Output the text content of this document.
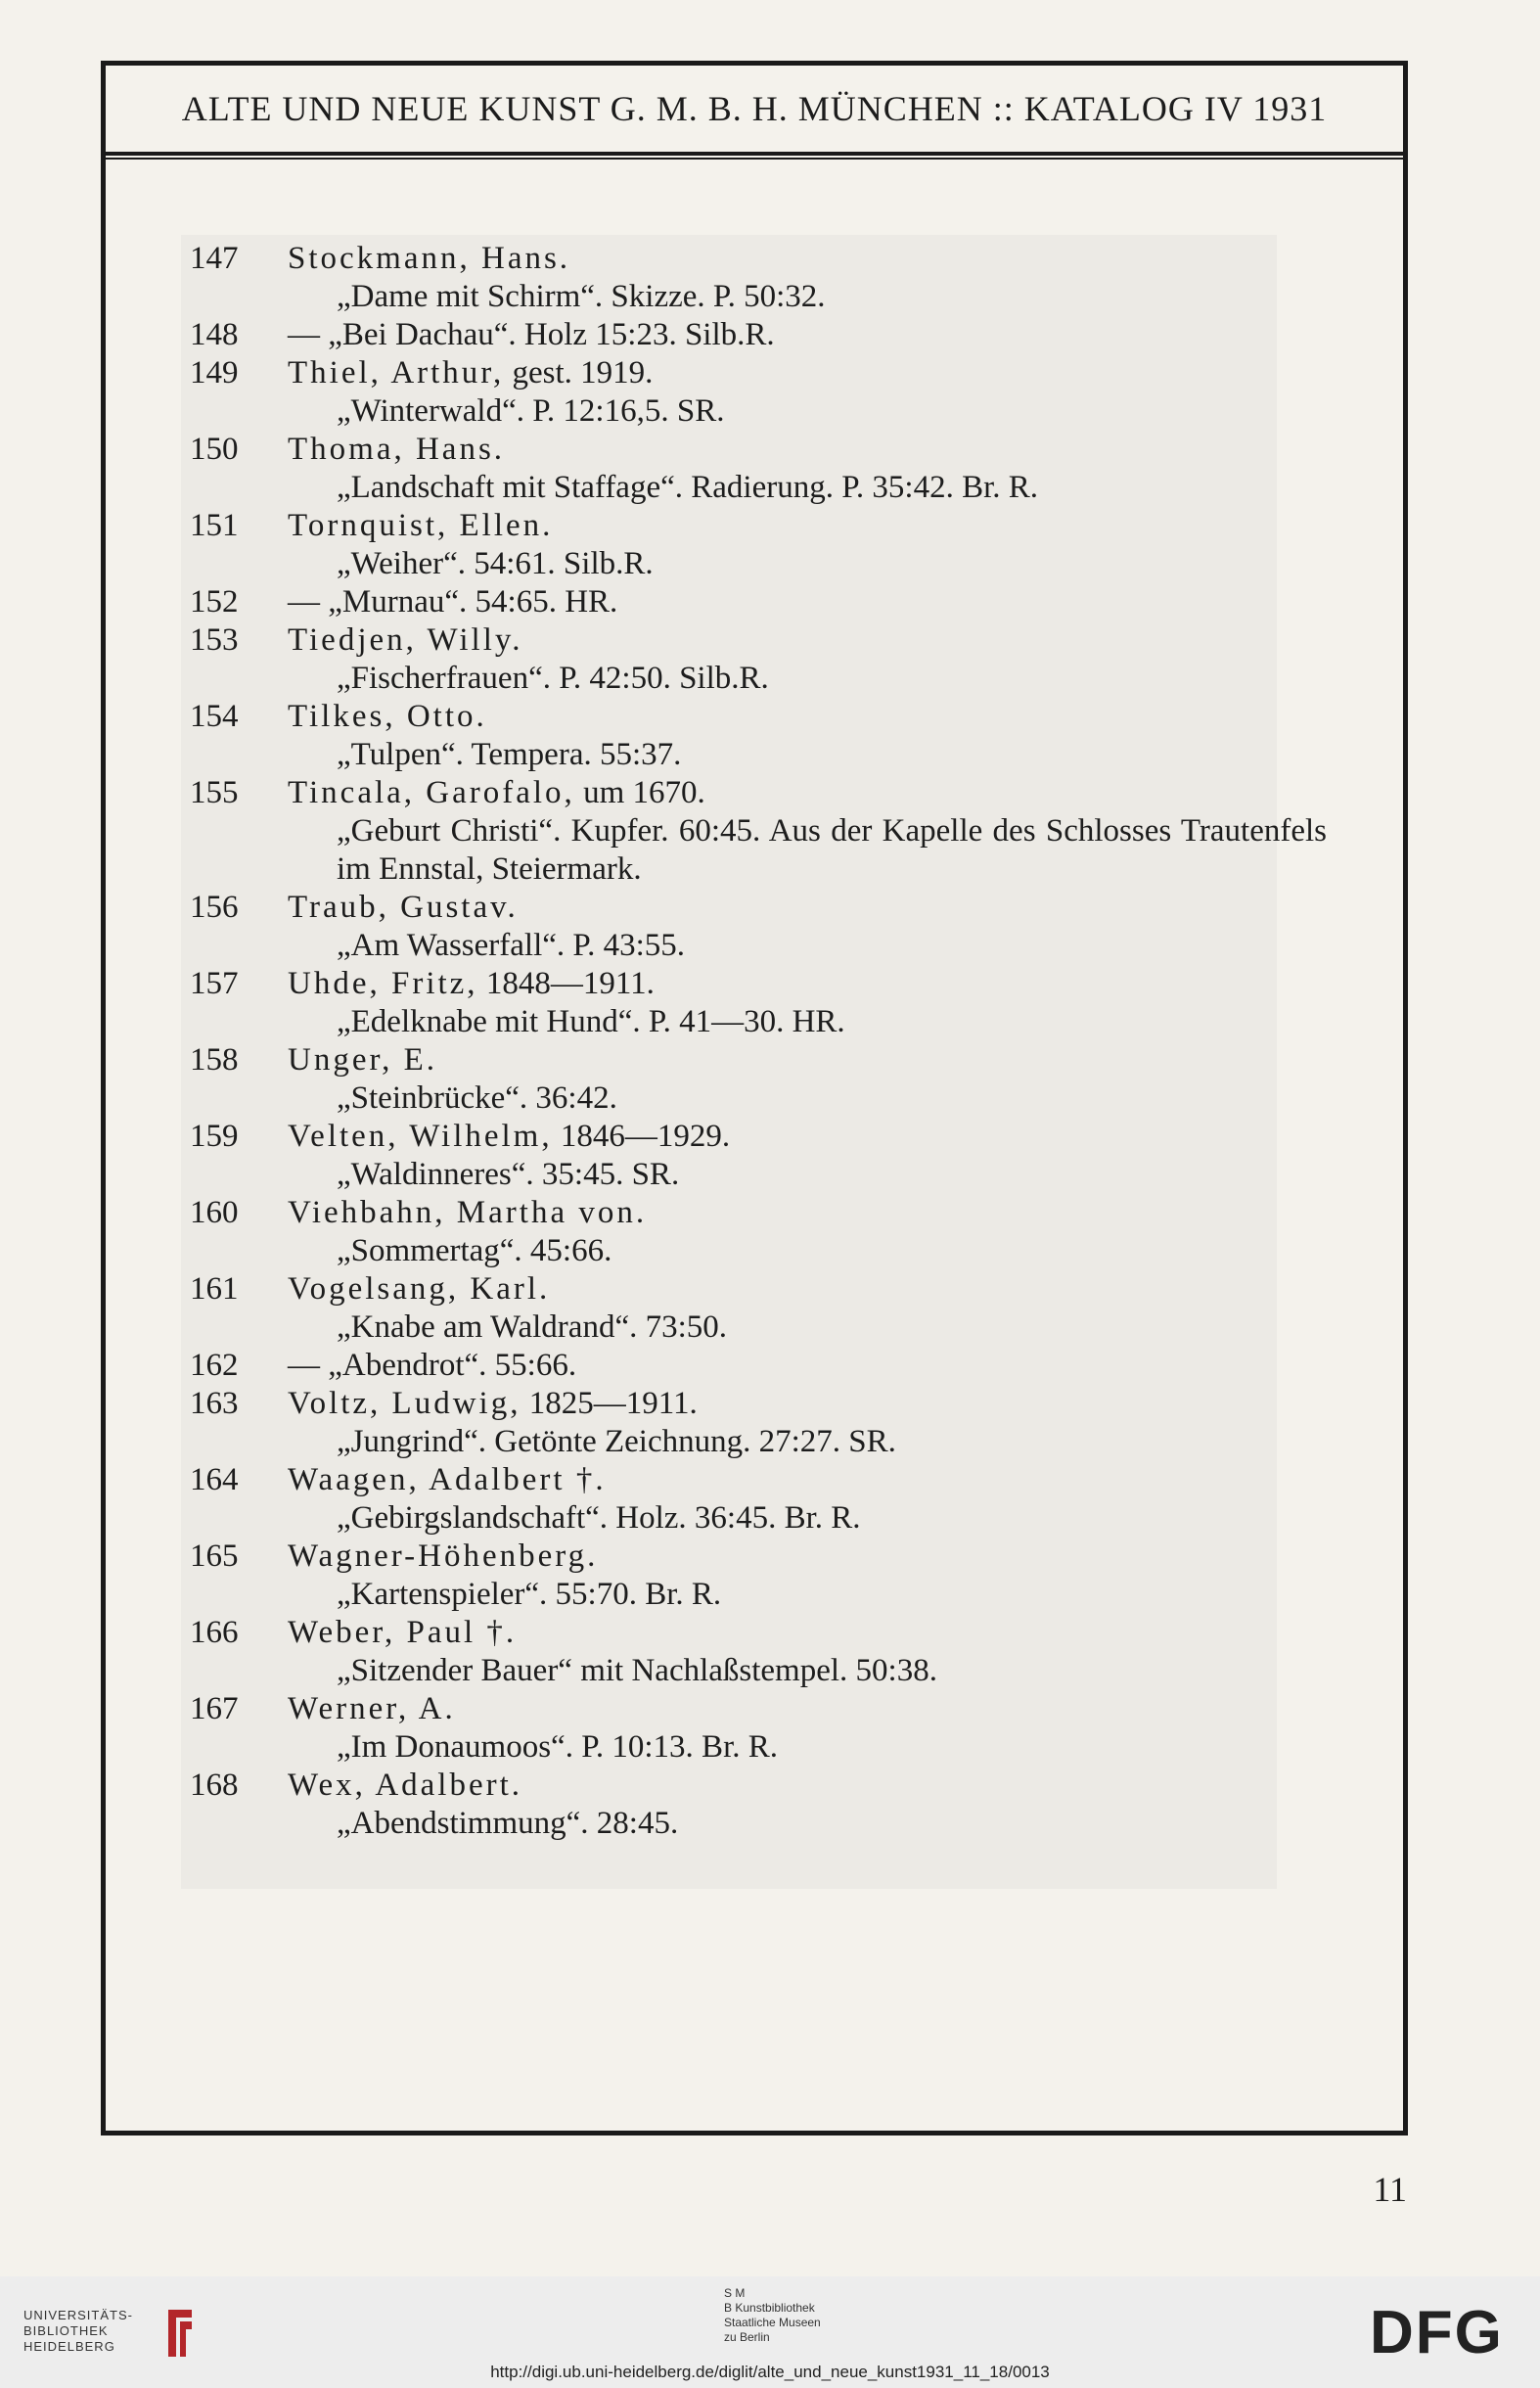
ALTE UND NEUE KUNST G. M. B. H. MÜNCHEN :: KATALOG IV 1931
147	Stockmann, Hans.
„Dame mit Schirm“. Skizze. P. 50:32.
148	— „Bei Dachau“. Holz 15:23. Silb.R.
149	Thiel, Arthur, gest. 1919.
„Winterwald“. P. 12:16,5. SR.
150	Thoma, Hans.
„Landschaft mit Staffage“. Radierung. P. 35:42. Br. R.
151	Tornquist, Ellen.
„Weiher“. 54:61. Silb.R.
152	— „Murnau“. 54:65. HR.
153	Tiedjen, Willy.
„Fischerfrauen“. P. 42:50. Silb.R.
154	Tilkes, Otto.
„Tulpen“. Tempera. 55:37.
155	Tincala, Garofalo, um 1670.
„Geburt Christi“. Kupfer. 60:45. Aus der Kapelle des Schlosses Trautenfels im Ennstal, Steiermark.
156	Traub, Gustav.
„Am Wasserfall“. P. 43:55.
157	Uhde, Fritz, 1848—1911.
„Edelknabe mit Hund“. P. 41—30. HR.
158	Unger, E.
„Steinbrücke“. 36:42.
159	Velten, Wilhelm, 1846—1929.
„Waldinneres“. 35:45. SR.
160	Viehbahn, Martha von.
„Sommertag“. 45:66.
161	Vogelsang, Karl.
„Knabe am Waldrand“. 73:50.
162	— „Abendrot“. 55:66.
163	Voltz, Ludwig, 1825—1911.
„Jungrind“. Getönte Zeichnung. 27:27. SR.
164	Waagen, Adalbert †.
„Gebirgslandschaft“. Holz. 36:45. Br. R.
165	Wagner-Höhenberg.
„Kartenspieler“. 55:70. Br. R.
166	Weber, Paul †.
„Sitzender Bauer“ mit Nachlaßstempel. 50:38.
167	Werner, A.
„Im Donaumoos“. P. 10:13. Br. R.
168	Wex, Adalbert.
„Abendstimmung“. 28:45.
11
UNIVERSITÄTS- BIBLIOTHEK HEIDELBERG
S M
B Kunstbibliothek
Staatliche Museen
zu Berlin	DFG
http://digi.ub.uni-heidelberg.de/diglit/alte_und_neue_kunst1931_11_18/0013
